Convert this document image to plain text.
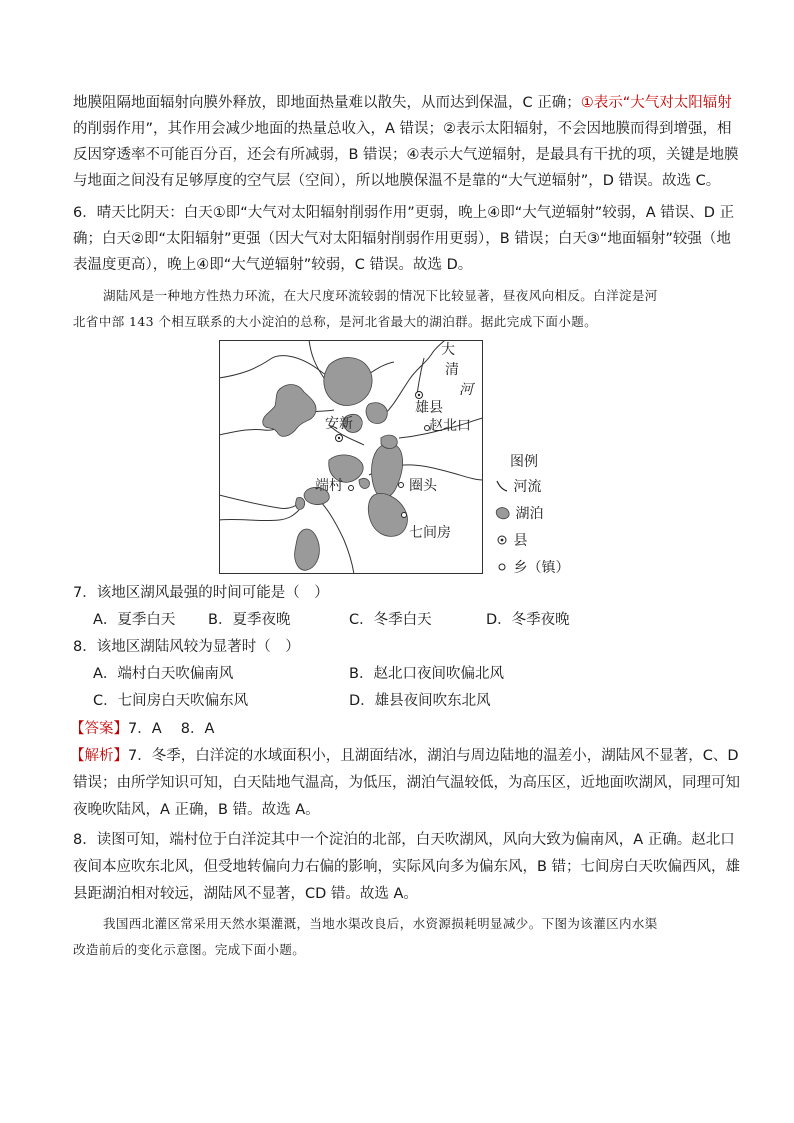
地膜阻隔地面辐射向膜外释放，即地面热量难以散失，从而达到保温，C 正确；①表示“大气对太阳辐射
的削弱作用”，其作用会减少地面的热量总收入，A 错误；②表示太阳辐射，不会因地膜而得到增强，相
反因穿透率不可能百分百，还会有所减弱，B 错误；④表示大气逆辐射，是最具有干扰的项，关键是地膜
与地面之间没有足够厚度的空气层（空间），所以地膜保温不是靠的“大气逆辐射”，D 错误。故选 C。
6．晴天比阴天：白天①即“大气对太阳辐射削弱作用”更弱，晚上④即“大气逆辐射”较弱，A 错误、D 正
确；白天②即“太阳辐射”更强（因大气对太阳辐射削弱作用更弱），B 错误；白天③“地面辐射”较强（地
表温度更高），晚上④即“大气逆辐射”较弱，C 错误。故选 D。
湖陆风是一种地方性热力环流，在大尺度环流较弱的情况下比较显著，昼夜风向相反。白洋淀是河
北省中部 143 个相互联系的大小淀泊的总称，是河北省最大的湖泊群。据此完成下面小题。
大
清
河
雄县
赵北口
安新
端村	圈头
七间房
图例
河流
湖泊
县
乡（镇）
7．该地区湖风最强的时间可能是（　）
A．夏季白天 B．夏季夜晚	C．冬季白天	D．冬季夜晚
8．该地区湖陆风较为显著时（　）
A．端村白天吹偏南风	B．赵北口夜间吹偏北风
C．七间房白天吹偏东风	D．雄县夜间吹东北风
【答案】7．A　 8．A
【解析】7．冬季，白洋淀的水域面积小，且湖面结冰，湖泊与周边陆地的温差小，湖陆风不显著，C、D
错误；由所学知识可知，白天陆地气温高，为低压，湖泊气温较低，为高压区，近地面吹湖风，同理可知
夜晚吹陆风，A 正确，B 错。故选 A。
8．读图可知，端村位于白洋淀其中一个淀泊的北部，白天吹湖风，风向大致为偏南风，A 正确。赵北口
夜间本应吹东北风，但受地转偏向力右偏的影响，实际风向多为偏东风，B 错；七间房白天吹偏西风，雄
县距湖泊相对较远，湖陆风不显著，CD 错。故选 A。
我国西北灌区常采用天然水渠灌溉，当地水渠改良后，水资源损耗明显减少。下图为该灌区内水渠
改造前后的变化示意图。完成下面小题。
